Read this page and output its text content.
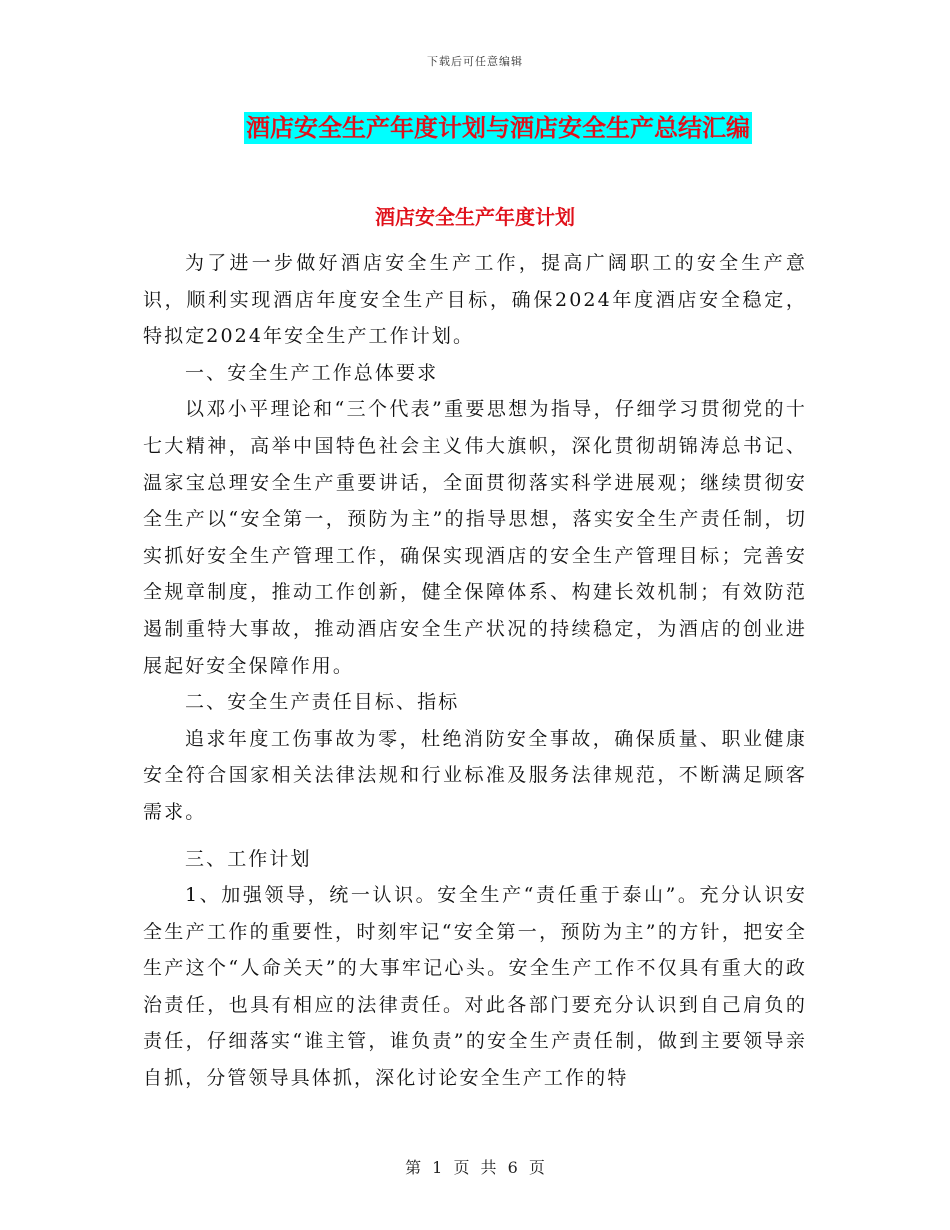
下载后可任意编辑
酒店安全生产年度计划与酒店安全生产总结汇编
酒店安全生产年度计划

为了进一步做好酒店安全生产工作，提高广阔职工的安全生产意识，顺利实现酒店年度安全生产目标，确保2024年度酒店安全稳定，特拟定2024年安全生产工作计划。

一、安全生产工作总体要求

以邓小平理论和“三个代表”重要思想为指导，仔细学习贯彻党的十七大精神，高举中国特色社会主义伟大旗帜，深化贯彻胡锦涛总书记、温家宝总理安全生产重要讲话，全面贯彻落实科学进展观；继续贯彻安全生产以“安全第一，预防为主”的指导思想，落实安全生产责任制，切实抓好安全生产管理工作，确保实现酒店的安全生产管理目标；完善安全规章制度，推动工作创新，健全保障体系、构建长效机制；有效防范遏制重特大事故，推动酒店安全生产状况的持续稳定，为酒店的创业进展起好安全保障作用。

二、安全生产责任目标、指标

追求年度工伤事故为零，杜绝消防安全事故，确保质量、职业健康安全符合国家相关法律法规和行业标准及服务法律规范，不断满足顾客需求。

三、工作计划

1、加强领导，统一认识。安全生产“责任重于泰山”。充分认识安全生产工作的重要性，时刻牢记“安全第一，预防为主”的方针，把安全生产这个“人命关天”的大事牢记心头。安全生产工作不仅具有重大的政治责任，也具有相应的法律责任。对此各部门要充分认识到自己肩负的责任，仔细落实“谁主管，谁负责”的安全生产责任制，做到主要领导亲自抓，分管领导具体抓，深化讨论安全生产工作的特

第 1 页 共 6 页
